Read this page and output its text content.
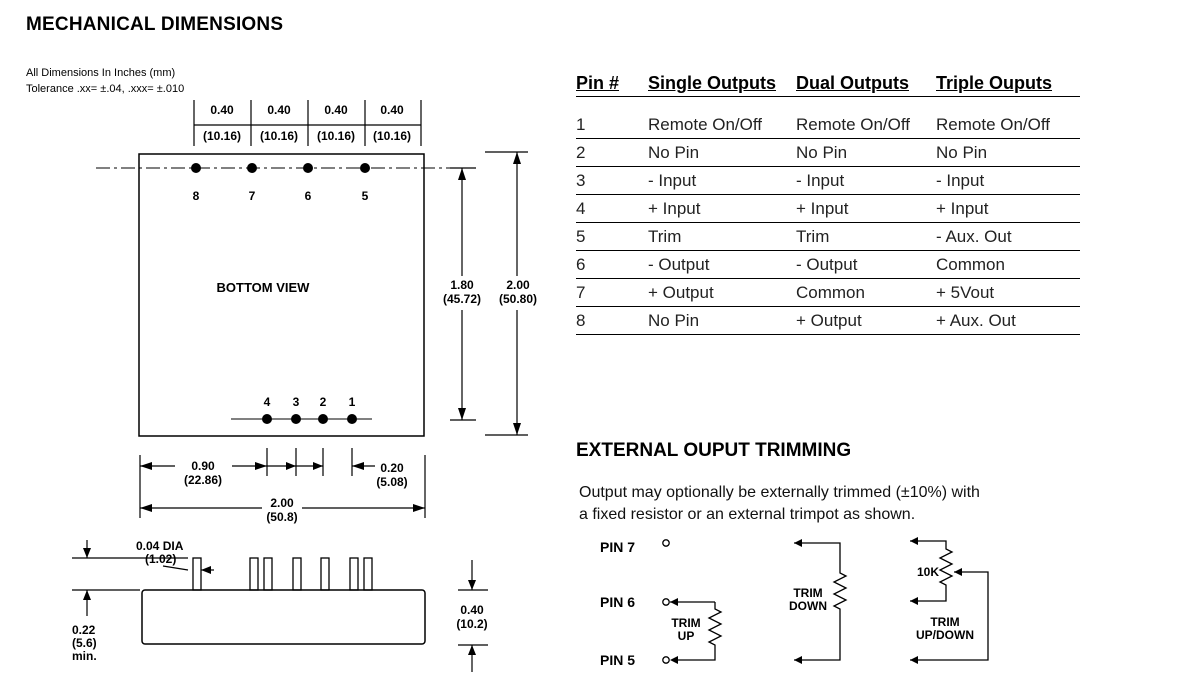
MECHANICAL DIMENSIONS
All Dimensions In Inches (mm)
Tolerance .xx= ±.04, .xxx= ±.010
0.40	0.40	0.40	0.40
(10.16) (10.16) (10.16) (10.16)
8	7	6	5
4 3 2 1
BOTTOM VIEW	1.80
(45.72)
2.00
(50.80)
0.90
(22.86)
0.20
(5.08)
2.00
(50.8)
0.04 DIA
(1.02)
0.22
(5.6)
min.
0.40
(10.2)
Pin #	Single Outputs	Dual Outputs	Triple Ouputs
1	Remote On/Off	Remote On/Off	Remote On/Off
2	No Pin	No Pin	No Pin
3	- Input	- Input	- Input
4	+ Input	+ Input	+ Input
5	Trim	Trim	- Aux. Out
6	- Output	- Output	Common
7	+ Output	Common	+ 5Vout
8	No Pin	+ Output	+ Aux. Out
EXTERNAL OUPUT TRIMMING
Output may optionally be externally trimmed (±10%) with
a fixed resistor or an external trimpot as shown.
PIN 7
PIN 6
PIN 5
TRIM
UP
TRIM
DOWN
10K
TRIM
UP/DOWN
